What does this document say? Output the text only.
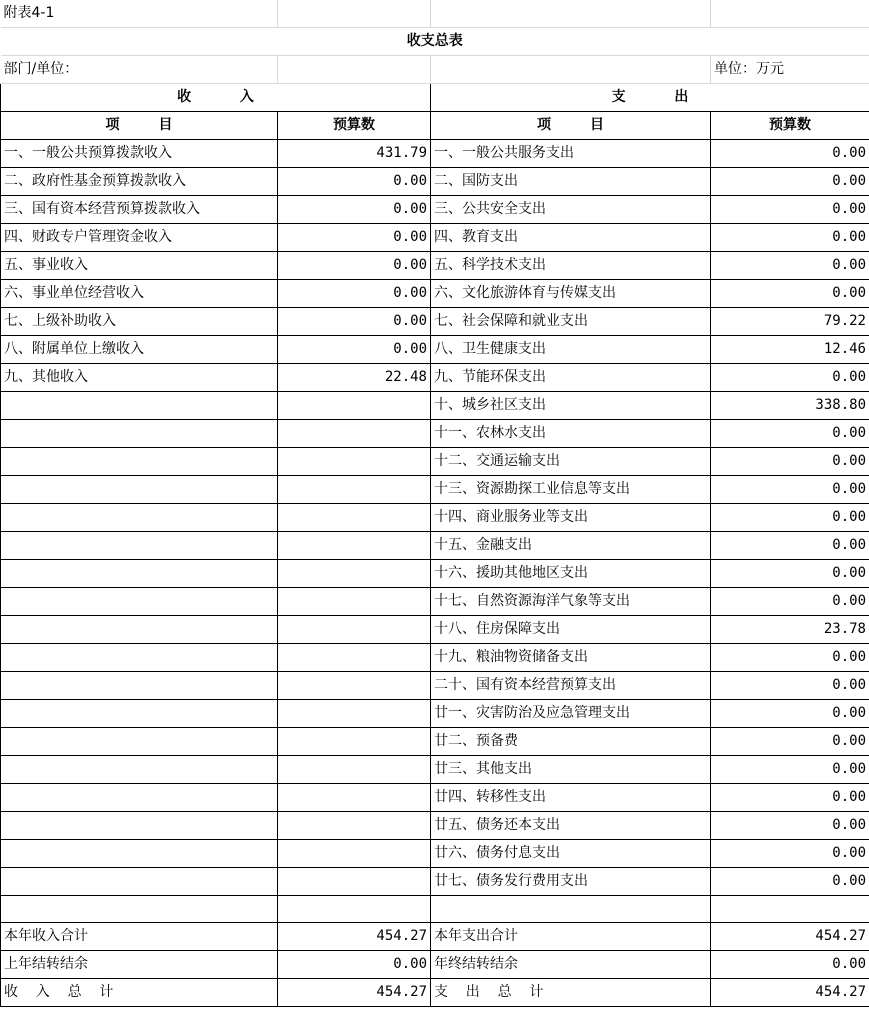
附表4-1			
收支总表			
部门/单位：			单位：万元
收          入		支          出	
项        目	预算数	项        目	预算数
一、一般公共预算拨款收入	431.79	一、一般公共服务支出	0.00
二、政府性基金预算拨款收入	0.00	二、国防支出	0.00
三、国有资本经营预算拨款收入	0.00	三、公共安全支出	0.00
四、财政专户管理资金收入	0.00	四、教育支出	0.00
五、事业收入	0.00	五、科学技术支出	0.00
六、事业单位经营收入	0.00	六、文化旅游体育与传媒支出	0.00
七、上级补助收入	0.00	七、社会保障和就业支出	79.22
八、附属单位上缴收入	0.00	八、卫生健康支出	12.46
九、其他收入	22.48	九、节能环保支出	0.00
		十、城乡社区支出	338.80
		十一、农林水支出	0.00
		十二、交通运输支出	0.00
		十三、资源勘探工业信息等支出	0.00
		十四、商业服务业等支出	0.00
		十五、金融支出	0.00
		十六、援助其他地区支出	0.00
		十七、自然资源海洋气象等支出	0.00
		十八、住房保障支出	23.78
		十九、粮油物资储备支出	0.00
		二十、国有资本经营预算支出	0.00
		廿一、灾害防治及应急管理支出	0.00
		廿二、预备费	0.00
		廿三、其他支出	0.00
		廿四、转移性支出	0.00
		廿五、债务还本支出	0.00
		廿六、债务付息支出	0.00
		廿七、债务发行费用支出	0.00

本年收入合计	454.27	本年支出合计	454.27
上年结转结余	0.00	年终结转结余	0.00
收    入    总    计	454.27	支    出    总    计	454.27
